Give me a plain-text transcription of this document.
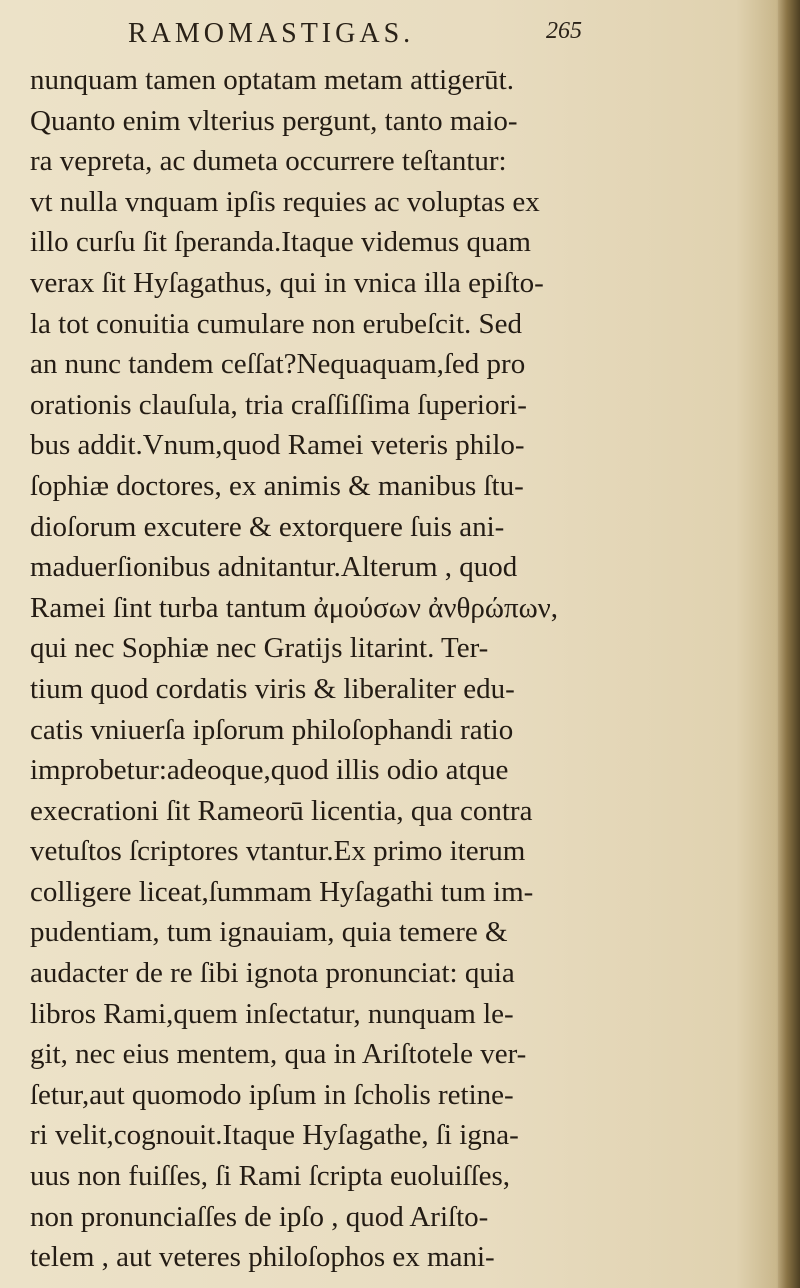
RAMOMASTIGAS.	265
nunquam tamen optatam metam attigerūt.
Quanto enim vlterius pergunt, tanto maio-
ra vepreta, ac dumeta occurrere teſtantur:
vt nulla vnquam ipſis requies ac voluptas ex
illo curſu ſit ſperanda.Itaque videmus quam
verax ſit Hyſagathus, qui in vnica illa epiſto-
la tot conuitia cumulare non erubeſcit. Sed
an nunc tandem ceſſat?Nequaquam,ſed pro
orationis clauſula, tria craſſiſſima ſuperiori-
bus addit.Vnum,quod Ramei veteris philo-
ſophiæ doctores, ex animis & manibus ſtu-
dioſorum excutere & extorquere ſuis ani-
maduerſionibus adnitantur.Alterum , quod
Ramei ſint turba tantum ἀμούσων ἀνθρώπων,
qui nec Sophiæ nec Gratijs litarint. Ter-
tium quod cordatis viris & liberaliter edu-
catis vniuerſa ipſorum philoſophandi ratio
improbetur:adeoque,quod illis odio atque
execrationi ſit Rameorū licentia, qua contra
vetuſtos ſcriptores vtantur.Ex primo iterum
colligere liceat,ſummam Hyſagathi tum im-
pudentiam, tum ignauiam, quia temere &
audacter de re ſibi ignota pronunciat: quia
libros Rami,quem inſectatur, nunquam le-
git, nec eius mentem, qua in Ariſtotele ver-
ſetur,aut quomodo ipſum in ſcholis retine-
ri velit,cognouit.Itaque Hyſagathe, ſi igna-
uus non fuiſſes, ſi Rami ſcripta euoluiſſes,
non pronunciaſſes de ipſo , quod Ariſto-
telem , aut veteres philoſophos ex mani-
